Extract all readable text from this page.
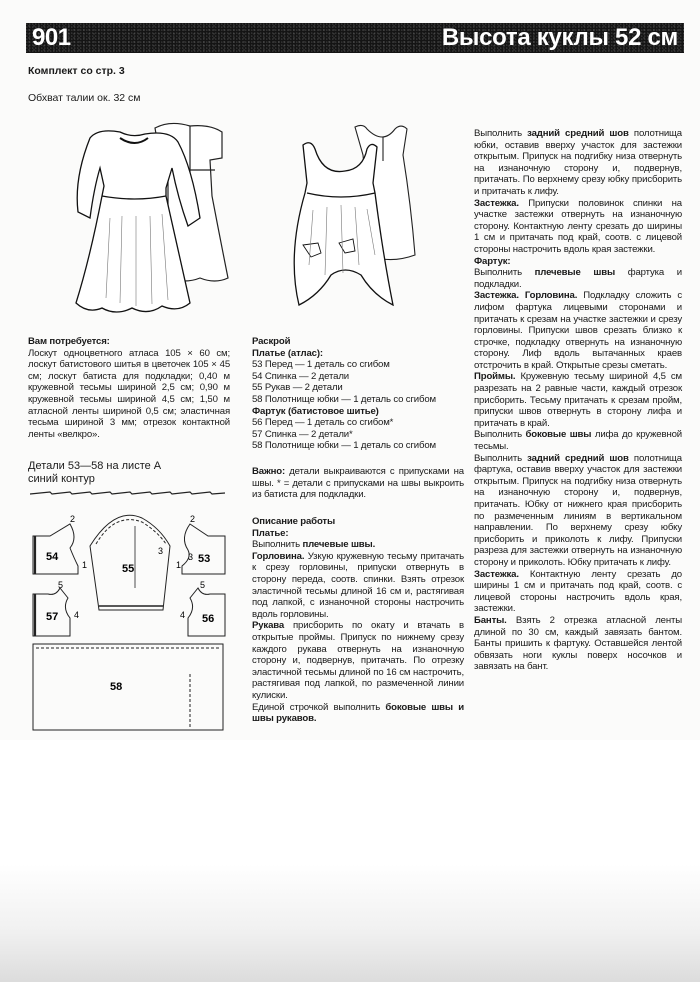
901	Высота куклы 52 см
Комплект со стр. 3
Обхват талии ок. 32 см

Вам потребуется:

Лоскут одноцветного атласа 105 × 60 см; лоскут батистового шитья в цветочек 105 × 45 см; лоскут батиста для подкладки; 0,40 м кружевной тесьмы шириной 2,5 см; 0,90 м кружевной тесьмы шириной 4,5 см; 1,50 м атласной ленты шириной 0,5 см; эластичная тесьма шириной 3 мм; отрезок контактной ленты «велкро».

Детали 53—58 на листе А
синий контур
54	53
55
57	56
58
2
1
2
1
3
3
5
4
5
4

Раскрой

Платье (атлас):

53 Перед — 1 деталь со сгибом

54 Спинка — 2 детали

55 Рукав — 2 детали

58 Полотнище юбки — 1 деталь со сгибом

Фартук (батистовое шитье)

56 Перед — 1 деталь со сгибом*

57 Спинка — 2 детали*

58 Полотнище юбки — 1 деталь со сгибом

Важно: детали выкраиваются с припусками на швы. * = детали с припусками на швы выкроить из батиста для подкладки.

Описание работы

Платье:

Выполнить плечевые швы.

Горловина. Узкую кружевную тесьму притачать к срезу горловины, припуски отвернуть в сторону переда, соотв. спинки. Взять отрезок эластичной тесьмы длиной 16 см и, растягивая под лапкой, с изнаночной стороны настрочить вдоль горловины.

Рукава присборить по окату и втачать в открытые проймы. Припуск по нижнему срезу каждого рукава отвернуть на изнаночную сторону и, подвернув, притачать. По отрезку эластичной тесьмы длиной по 16 см настрочить, растягивая под лапкой, по размеченной линии кулиски.

Единой строчкой выполнить боковые швы и швы рукавов.

Выполнить задний средний шов полотнища юбки, оставив вверху участок для застежки открытым. Припуск на подгибку низа отвернуть на изнаночную сторону и, подвернув, притачать. По верхнему срезу юбку присборить и притачать к лифу.

Застежка. Припуски половинок спинки на участке застежки отвернуть на изнаночную сторону. Контактную ленту срезать до ширины 1 см и притачать под край, соотв. с лицевой стороны настрочить вдоль края застежки.

Фартук:

Выполнить плечевые швы фартука и подкладки.

Застежка. Горловина. Подкладку сложить с лифом фартука лицевыми сторонами и притачать к срезам на участке застежки и срезу горловины. Припуски швов срезать близко к строчке, подкладку отвернуть на изнаночную сторону. Лиф вдоль вытачанных краев отстрочить в край. Открытые срезы сметать.

Проймы. Кружевную тесьму шириной 4,5 см разрезать на 2 равные части, каждый отрезок присборить. Тесьму притачать к срезам пройм, припуски швов отвернуть в сторону лифа и притачать в край.

Выполнить боковые швы лифа до кружевной тесьмы.

Выполнить задний средний шов полотнища фартука, оставив вверху участок для застежки открытым. Припуск на подгибку низа отвернуть на изнаночную сторону и, подвернув, притачать. Юбку от нижнего края присборить по размеченным линиям в вертикальном направлении. По верхнему срезу юбку присборить и приколоть к лифу. Припуски разреза для застежки отвернуть на изнаночную сторону и приколоть. Юбку притачать к лифу.

Застежка. Контактную ленту срезать до ширины 1 см и притачать под край, соотв. с лицевой стороны настрочить вдоль края, застежки.

Банты. Взять 2 отрезка атласной ленты длиной по 30 см, каждый завязать бантом. Банты пришить к фартуку. Оставшейся лентой обвязать ноги куклы поверх носочков и завязать на бант.
